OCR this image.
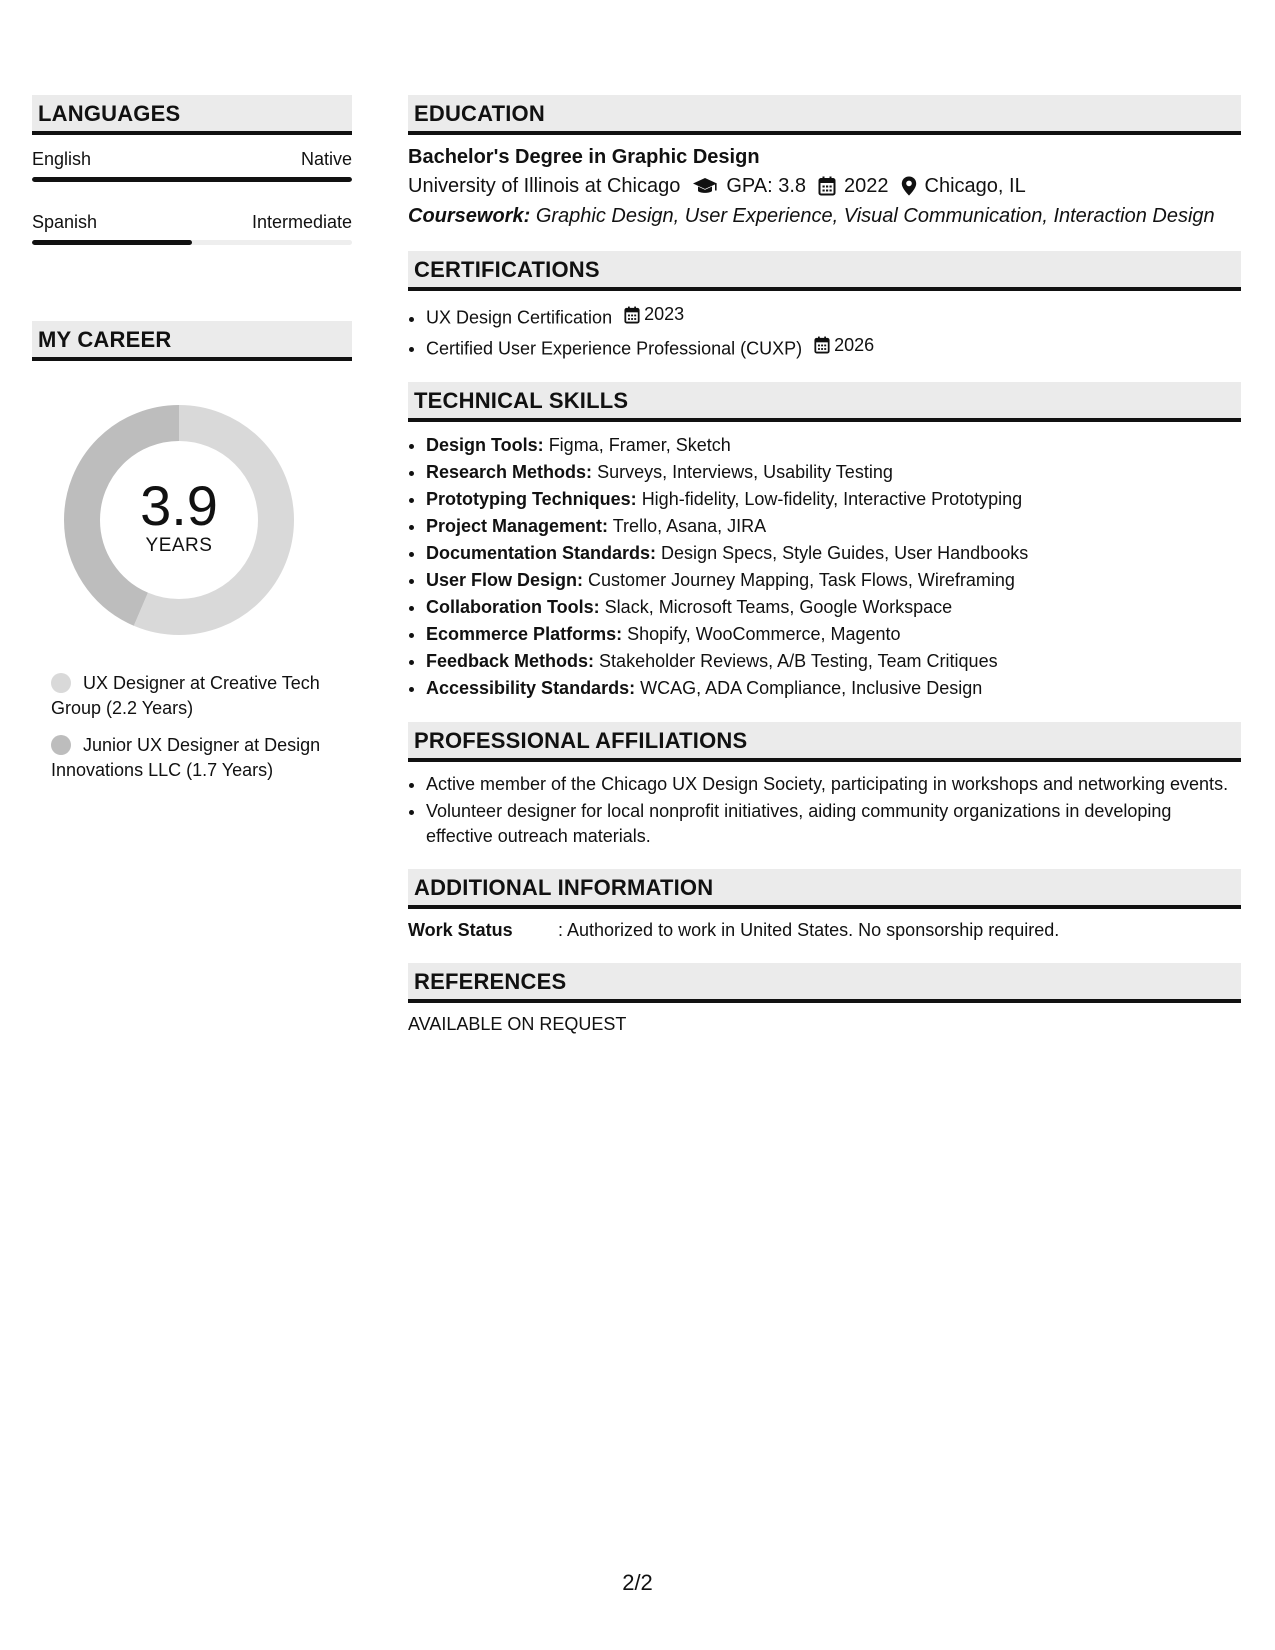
LANGUAGES
English	Native
Spanish	Intermediate
MY CAREER
3.9
YEARS
UX Designer at Creative Tech Group (2.2 Years)
Junior UX Designer at Design Innovations LLC (1.7 Years)
EDUCATION
Bachelor's Degree in Graphic Design
University of Illinois at Chicago GPA: 3.8 2022 Chicago, IL
Coursework: Graphic Design, User Experience, Visual Communication, Interaction Design
CERTIFICATIONS
• UX Design Certification 2023
• Certified User Experience Professional (CUXP) 2026
TECHNICAL SKILLS
• Design Tools: Figma, Framer, Sketch
• Research Methods: Surveys, Interviews, Usability Testing
• Prototyping Techniques: High-fidelity, Low-fidelity, Interactive Prototyping
• Project Management: Trello, Asana, JIRA
• Documentation Standards: Design Specs, Style Guides, User Handbooks
• User Flow Design: Customer Journey Mapping, Task Flows, Wireframing
• Collaboration Tools: Slack, Microsoft Teams, Google Workspace
• Ecommerce Platforms: Shopify, WooCommerce, Magento
• Feedback Methods: Stakeholder Reviews, A/B Testing, Team Critiques
• Accessibility Standards: WCAG, ADA Compliance, Inclusive Design
PROFESSIONAL AFFILIATIONS
• Active member of the Chicago UX Design Society, participating in workshops and networking events.
• Volunteer designer for local nonprofit initiatives, aiding community organizations in developing effective outreach materials.
ADDITIONAL INFORMATION
Work Status	: Authorized to work in United States. No sponsorship required.
REFERENCES
AVAILABLE ON REQUEST
2/2
